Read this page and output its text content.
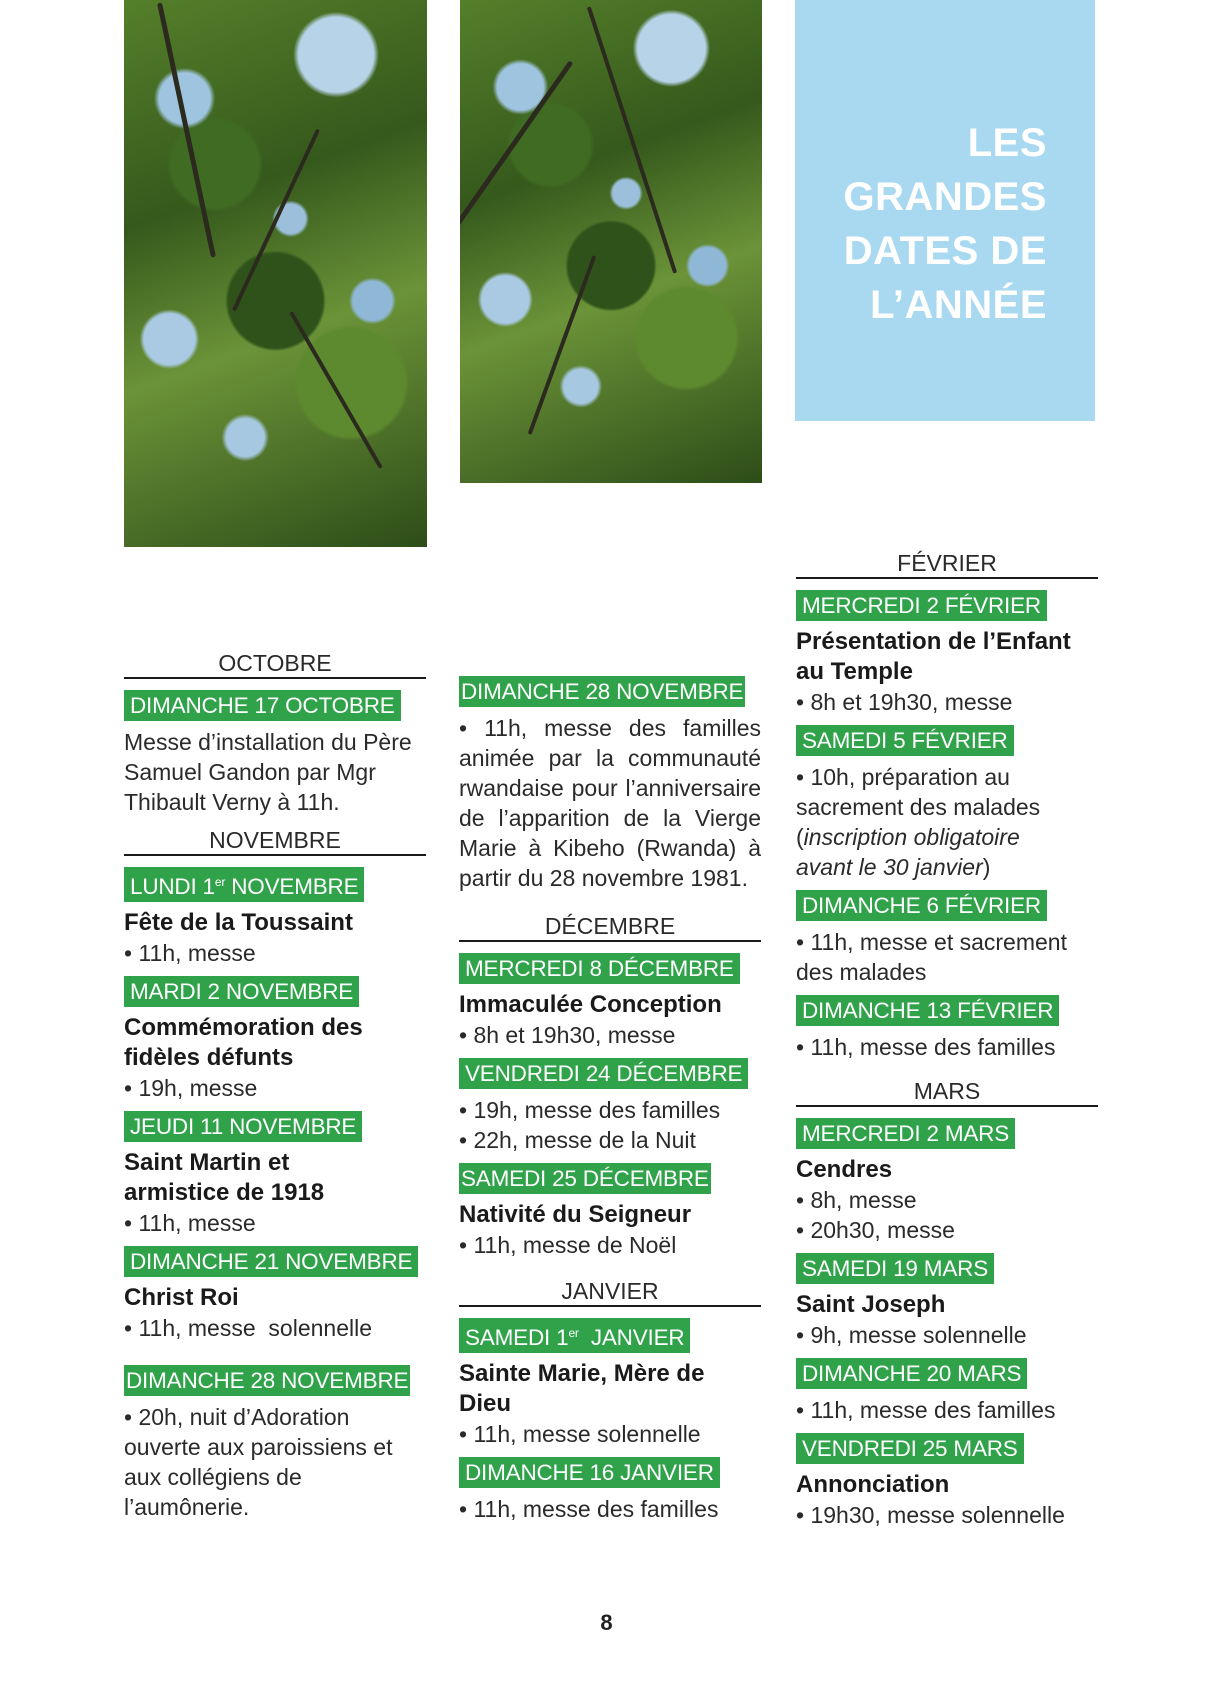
LES
GRANDES
DATES DE
L’ANNÉE
OCTOBRE
DIMANCHE 17 OCTOBRE
Messe d’installation du Père Samuel Gandon par Mgr Thibault Verny à 11h.
NOVEMBRE
LUNDI 1er NOVEMBRE
Fête de la Toussaint
• 11h, messe
MARDI 2 NOVEMBRE
Commémoration des fidèles défunts
• 19h, messe
JEUDI 11 NOVEMBRE
Saint Martin et armistice de 1918
• 11h, messe
DIMANCHE 21 NOVEMBRE
Christ Roi
• 11h, messe  solennelle
DIMANCHE 28 NOVEMBRE
• 20h, nuit d’Adoration ouverte aux paroissiens et aux collégiens de l’aumônerie.
DIMANCHE 28 NOVEMBRE
• 11h, messe des familles animée par la communauté rwandaise pour l’anniversaire de l’apparition de la Vierge Marie à Kibeho (Rwanda) à partir du 28 novembre 1981.
DÉCEMBRE
MERCREDI 8 DÉCEMBRE
Immaculée Conception
• 8h et 19h30, messe
VENDREDI 24 DÉCEMBRE
• 19h, messe des familles
• 22h, messe de la Nuit
SAMEDI 25 DÉCEMBRE
Nativité du Seigneur
• 11h, messe de Noël
JANVIER
SAMEDI 1er  JANVIER
Sainte Marie, Mère de Dieu
• 11h, messe solennelle
DIMANCHE 16 JANVIER
• 11h, messe des familles
FÉVRIER
MERCREDI 2 FÉVRIER
Présentation de l’Enfant au Temple
• 8h et 19h30, messe
SAMEDI 5 FÉVRIER
• 10h, préparation au sacrement des malades
(inscription obligatoire avant le 30 janvier)
DIMANCHE 6 FÉVRIER
• 11h, messe et sacrement des malades
DIMANCHE 13 FÉVRIER
• 11h, messe des familles
MARS
MERCREDI 2 MARS
Cendres
• 8h, messe
• 20h30, messe
SAMEDI 19 MARS
Saint Joseph
• 9h, messe solennelle
DIMANCHE 20 MARS
• 11h, messe des familles
VENDREDI 25 MARS
Annonciation
• 19h30, messe solennelle
8
